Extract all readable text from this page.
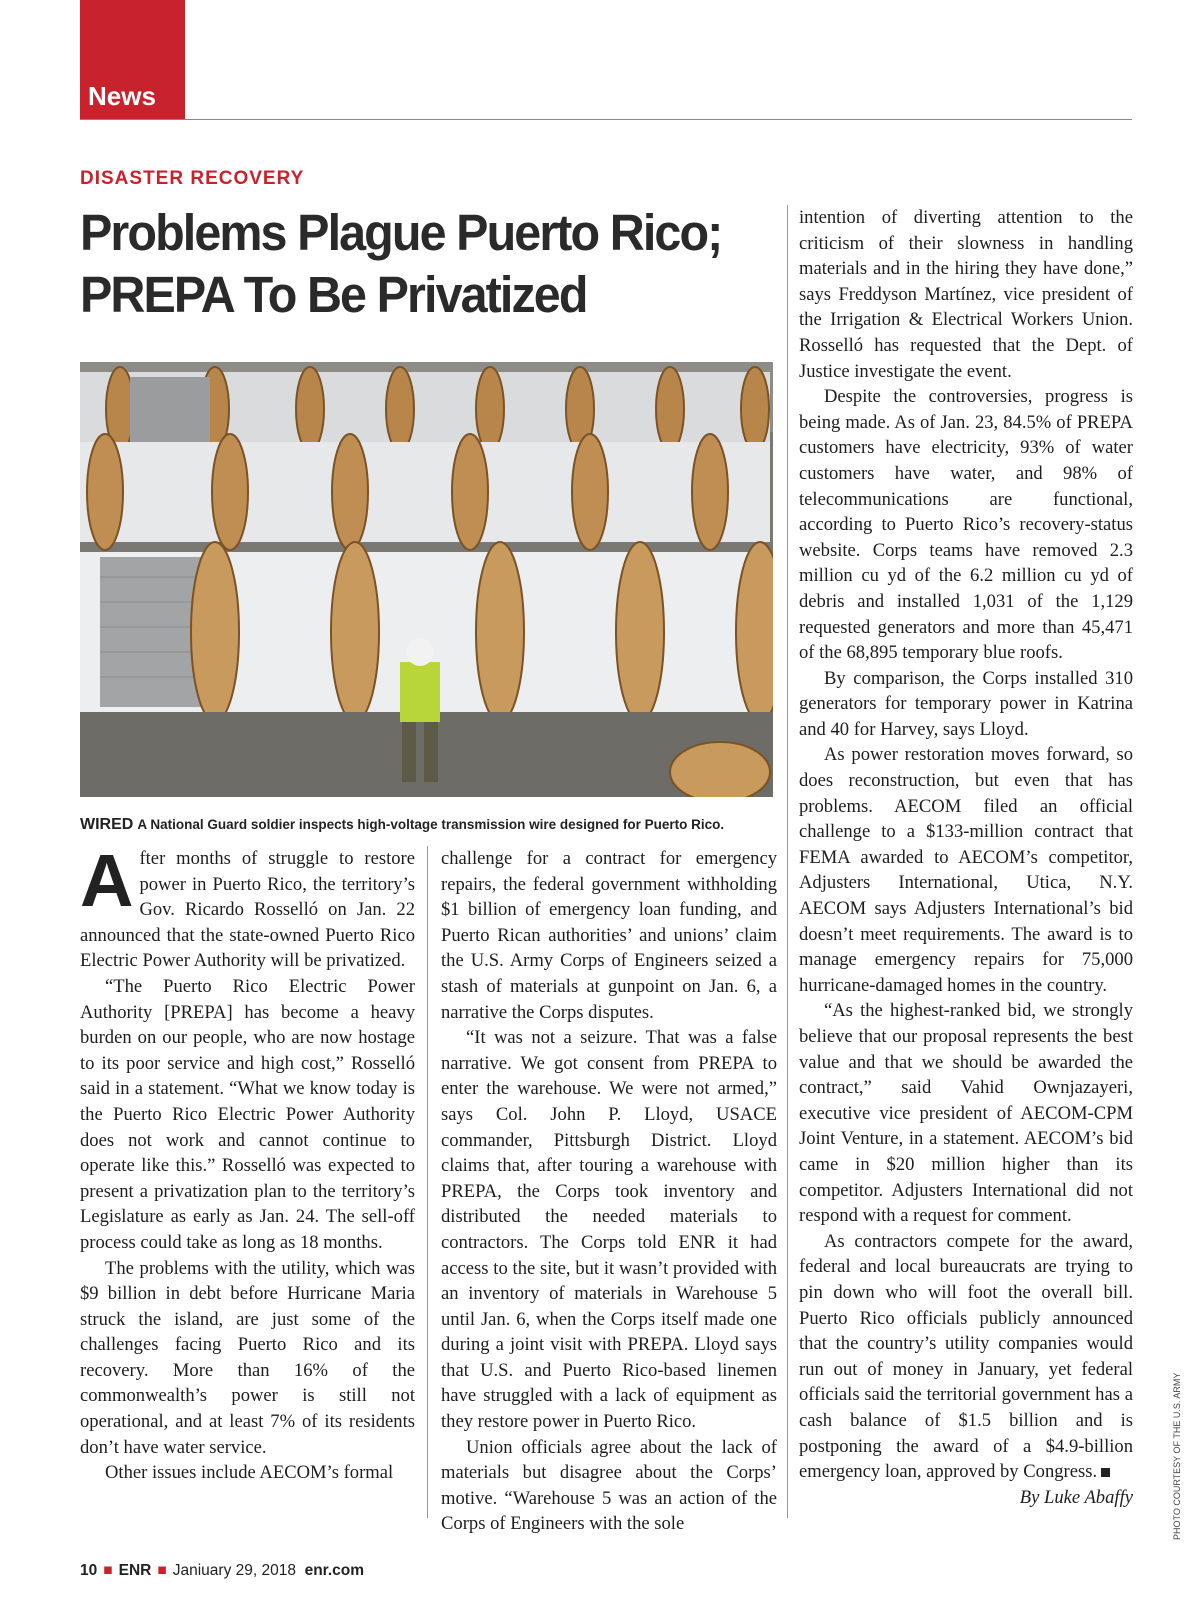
News
DISASTER RECOVERY
Problems Plague Puerto Rico; PREPA To Be Privatized
WIRED A National Guard soldier inspects high-voltage transmission wire designed for Puerto Rico.
A fter months of struggle to restore power in Puerto Rico, the territory’s Gov. Ricardo Rosselló on Jan. 22 announced that the state-owned Puerto Rico Electric Power Authority will be privatized.

“The Puerto Rico Electric Power Authority [PREPA] has become a heavy burden on our people, who are now hostage to its poor service and high cost,” Rosselló said in a statement. “What we know today is the Puerto Rico Electric Power Authority does not work and cannot continue to operate like this.” Rosselló was expected to present a privatization plan to the territory’s Legislature as early as Jan. 24. The sell-off process could take as long as 18 months.

The problems with the utility, which was $9 billion in debt before Hurricane Maria struck the island, are just some of the challenges facing Puerto Rico and its recovery. More than 16% of the commonwealth’s power is still not operational, and at least 7% of its residents don’t have water service.

Other issues include AECOM’s formal

challenge for a contract for emergency repairs, the federal government withholding $1 billion of emergency loan funding, and Puerto Rican authorities’ and unions’ claim the U.S. Army Corps of Engineers seized a stash of materials at gunpoint on Jan. 6, a narrative the Corps disputes.

“It was not a seizure. That was a false narrative. We got consent from PREPA to enter the warehouse. We were not armed,” says Col. John P. Lloyd, USACE commander, Pittsburgh District. Lloyd claims that, after touring a warehouse with PREPA, the Corps took inventory and distributed the needed materials to contractors. The Corps told ENR it had access to the site, but it wasn’t provided with an inventory of materials in Warehouse 5 until Jan. 6, when the Corps itself made one during a joint visit with PREPA. Lloyd says that U.S. and Puerto Rico-based linemen have struggled with a lack of equipment as they restore power in Puerto Rico.

Union officials agree about the lack of materials but disagree about the Corps’ motive. “Warehouse 5 was an action of the Corps of Engineers with the sole

intention of diverting attention to the criticism of their slowness in handling materials and in the hiring they have done,” says Freddyson Martínez, vice president of the Irrigation & Electrical Workers Union. Rosselló has requested that the Dept. of Justice investigate the event.

Despite the controversies, progress is being made. As of Jan. 23, 84.5% of PREPA customers have electricity, 93% of water customers have water, and 98% of telecommunications are functional, according to Puerto Rico’s recovery-status website. Corps teams have removed 2.3 million cu yd of the 6.2 million cu yd of debris and installed 1,031 of the 1,129 requested generators and more than 45,471 of the 68,895 temporary blue roofs.

By comparison, the Corps installed 310 generators for temporary power in Katrina and 40 for Harvey, says Lloyd.

As power restoration moves forward, so does reconstruction, but even that has problems. AECOM filed an official challenge to a $133-million contract that FEMA awarded to AECOM’s competitor, Adjusters International, Utica, N.Y. AECOM says Adjusters International’s bid doesn’t meet requirements. The award is to manage emergency repairs for 75,000 hurricane-damaged homes in the country.

“As the highest-ranked bid, we strongly believe that our proposal represents the best value and that we should be awarded the contract,” said Vahid Ownjazayeri, executive vice president of AECOM-CPM Joint Venture, in a statement. AECOM’s bid came in $20 million higher than its competitor. Adjusters International did not respond with a request for comment.

As contractors compete for the award, federal and local bureaucrats are trying to pin down who will foot the overall bill. Puerto Rico officials publicly announced that the country’s utility companies would run out of money in January, yet federal officials said the territorial government has a cash balance of $1.5 billion and is postponing the award of a $4.9-billion emergency loan, approved by Congress.

By Luke Abaffy
10 ■ ENR ■ Janiuary 29, 2018 enr.com
PHOTO COURTESY OF THE U.S. ARMY
